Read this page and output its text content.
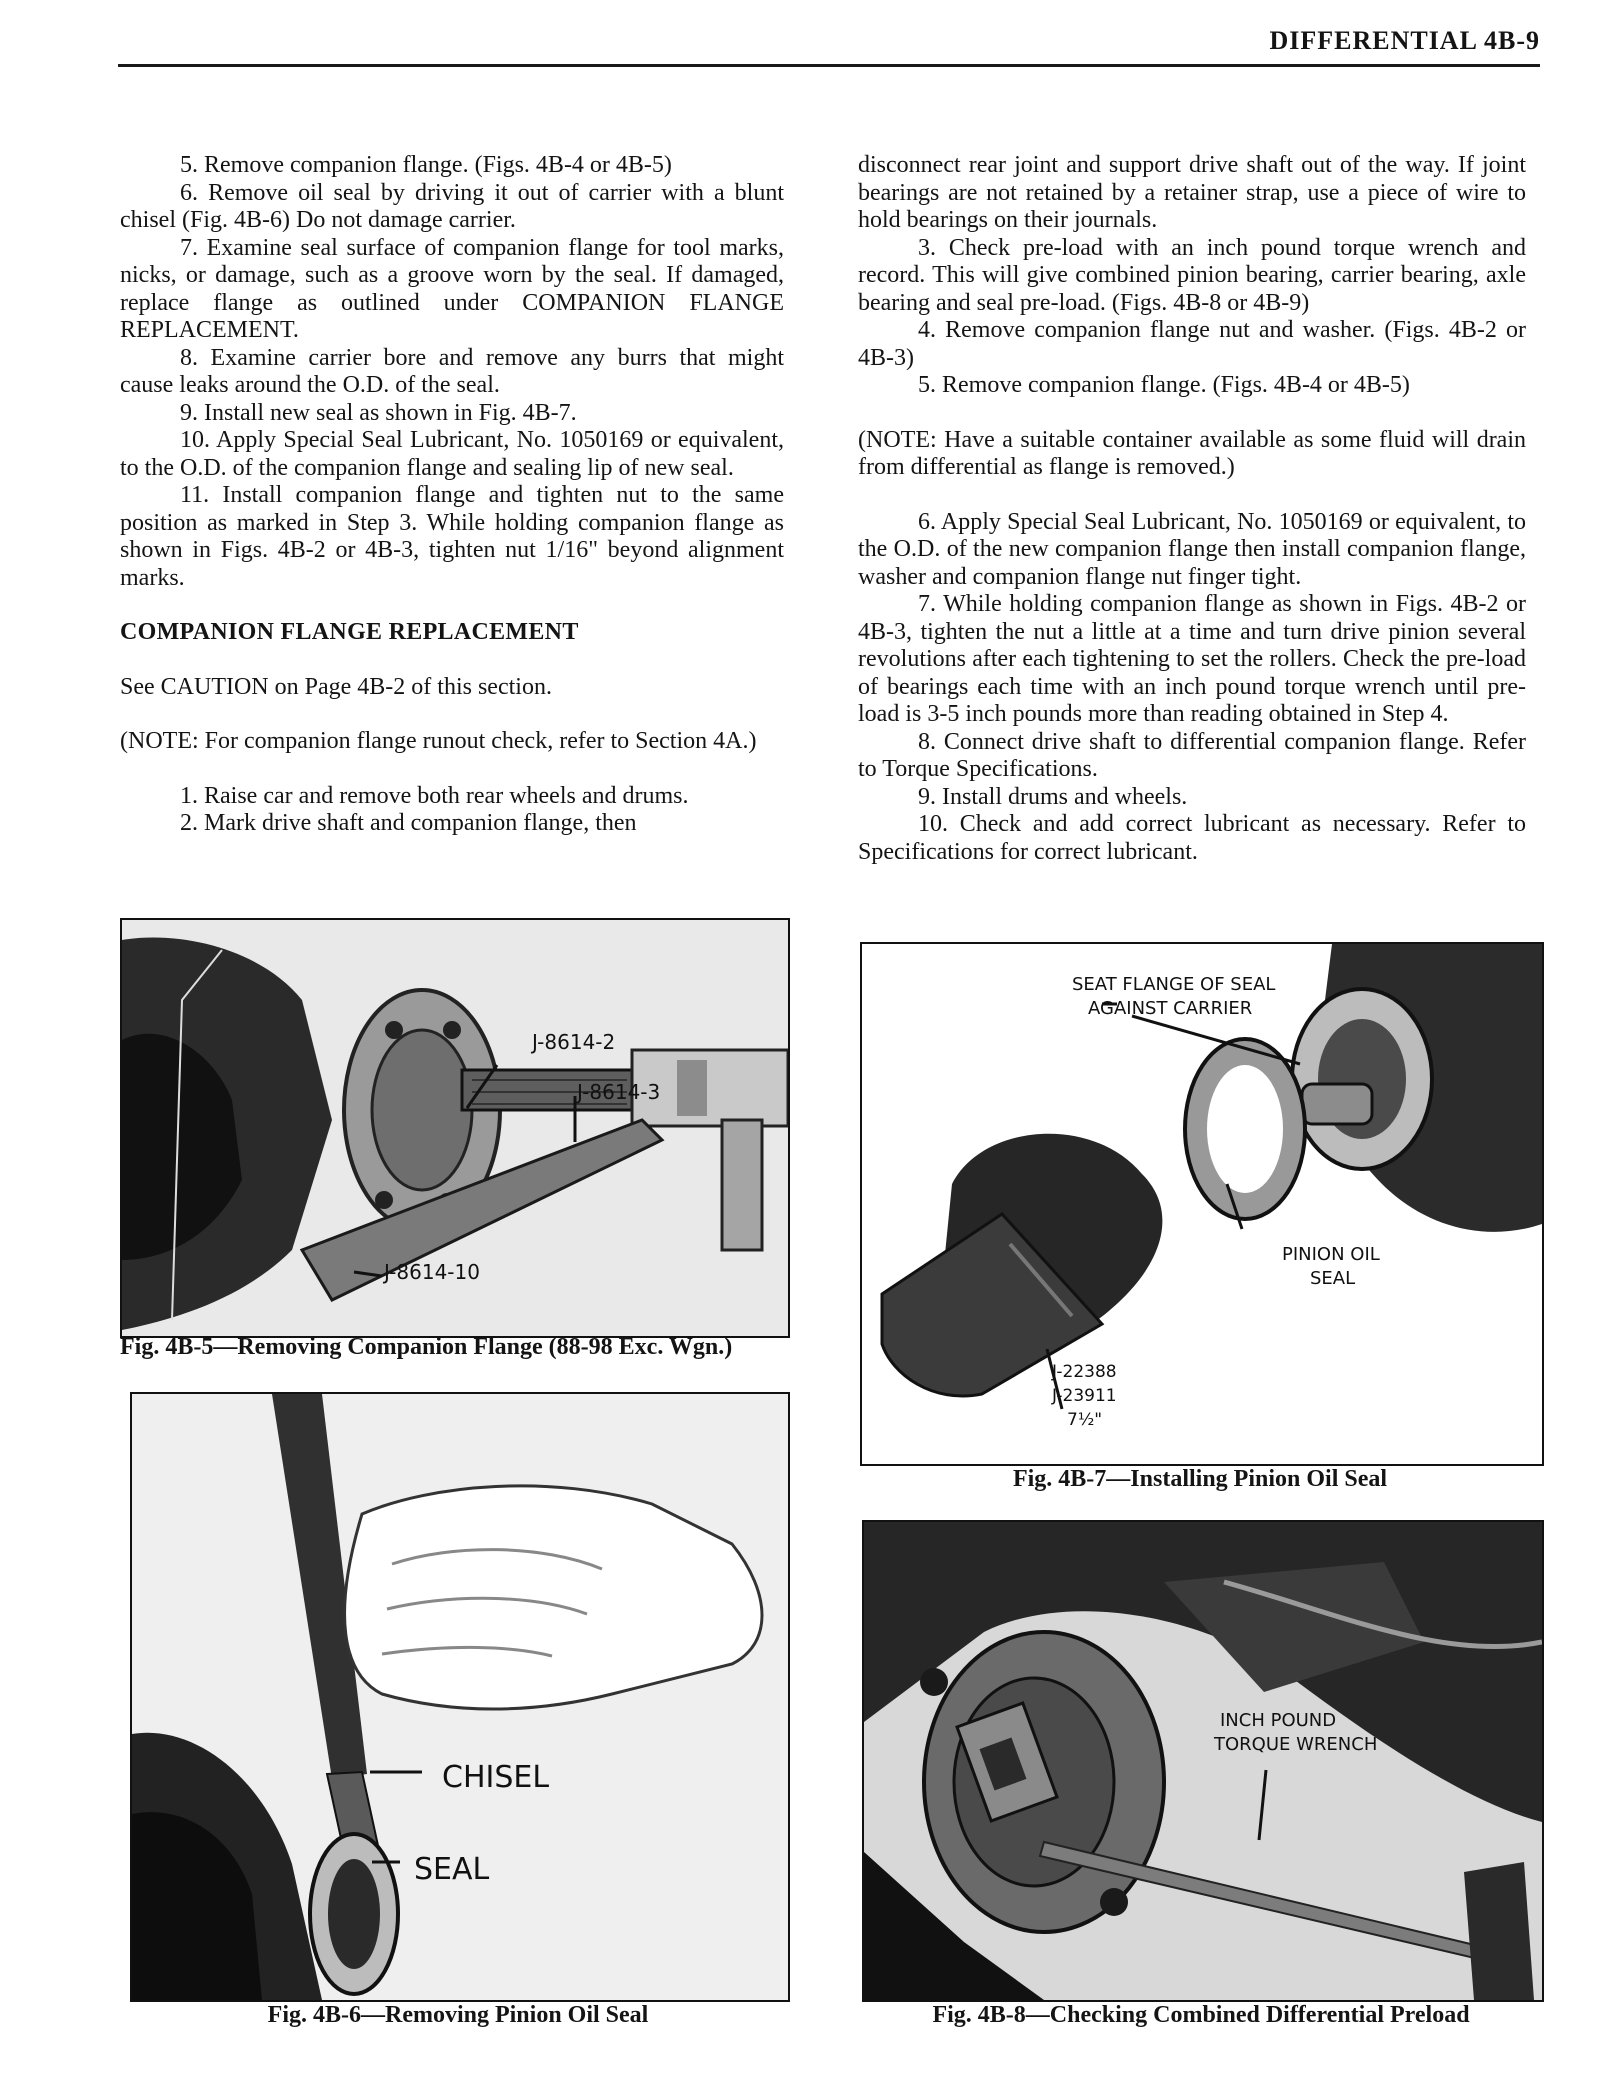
DIFFERENTIAL 4B-9

5. Remove companion flange. (Figs. 4B-4 or 4B-5)

6. Remove oil seal by driving it out of carrier with a blunt chisel (Fig. 4B-6) Do not damage carrier.

7. Examine seal surface of companion flange for tool marks, nicks, or damage, such as a groove worn by the seal. If damaged, replace flange as outlined under COMPANION FLANGE REPLACEMENT.

8. Examine carrier bore and remove any burrs that might cause leaks around the O.D. of the seal.

9. Install new seal as shown in Fig. 4B-7.

10. Apply Special Seal Lubricant, No. 1050169 or equivalent, to the O.D. of the companion flange and sealing lip of new seal.

11. Install companion flange and tighten nut to the same position as marked in Step 3. While holding companion flange as shown in Figs. 4B-2 or 4B-3, tighten nut 1/16" beyond alignment marks.

COMPANION FLANGE REPLACEMENT

See CAUTION on Page 4B-2 of this section.

(NOTE: For companion flange runout check, refer to Section 4A.)

1. Raise car and remove both rear wheels and drums.

2. Mark drive shaft and companion flange, then

disconnect rear joint and support drive shaft out of the way. If joint bearings are not retained by a retainer strap, use a piece of wire to hold bearings on their journals.

3. Check pre-load with an inch pound torque wrench and record. This will give combined pinion bearing, carrier bearing, axle bearing and seal pre-load. (Figs. 4B-8 or 4B-9)

4. Remove companion flange nut and washer. (Figs. 4B-2 or 4B-3)

5. Remove companion flange. (Figs. 4B-4 or 4B-5)

(NOTE: Have a suitable container available as some fluid will drain from differential as flange is removed.)

6. Apply Special Seal Lubricant, No. 1050169 or equivalent, to the O.D. of the new companion flange then install companion flange, washer and companion flange nut finger tight.

7. While holding companion flange as shown in Figs. 4B-2 or 4B-3, tighten the nut a little at a time and turn drive pinion several revolutions after each tightening to set the rollers. Check the pre-load of bearings each time with an inch pound torque wrench until pre-load is 3-5 inch pounds more than reading obtained in Step 4.

8. Connect drive shaft to differential companion flange. Refer to Torque Specifications.

9. Install drums and wheels.

10. Check and add correct lubricant as necessary. Refer to Specifications for correct lubricant.

J-8614-2
J-8614-3
J-8614-10
Fig. 4B-5—Removing Companion Flange (88-98 Exc. Wgn.)
CHISEL
SEAL
Fig. 4B-6—Removing Pinion Oil Seal
SEAT FLANGE OF SEAL
AGAINST CARRIER
PINION OIL
SEAL
J-22388
J-23911
7½"
Fig. 4B-7—Installing Pinion Oil Seal
INCH POUND
TORQUE WRENCH
Fig. 4B-8—Checking Combined Differential Preload
